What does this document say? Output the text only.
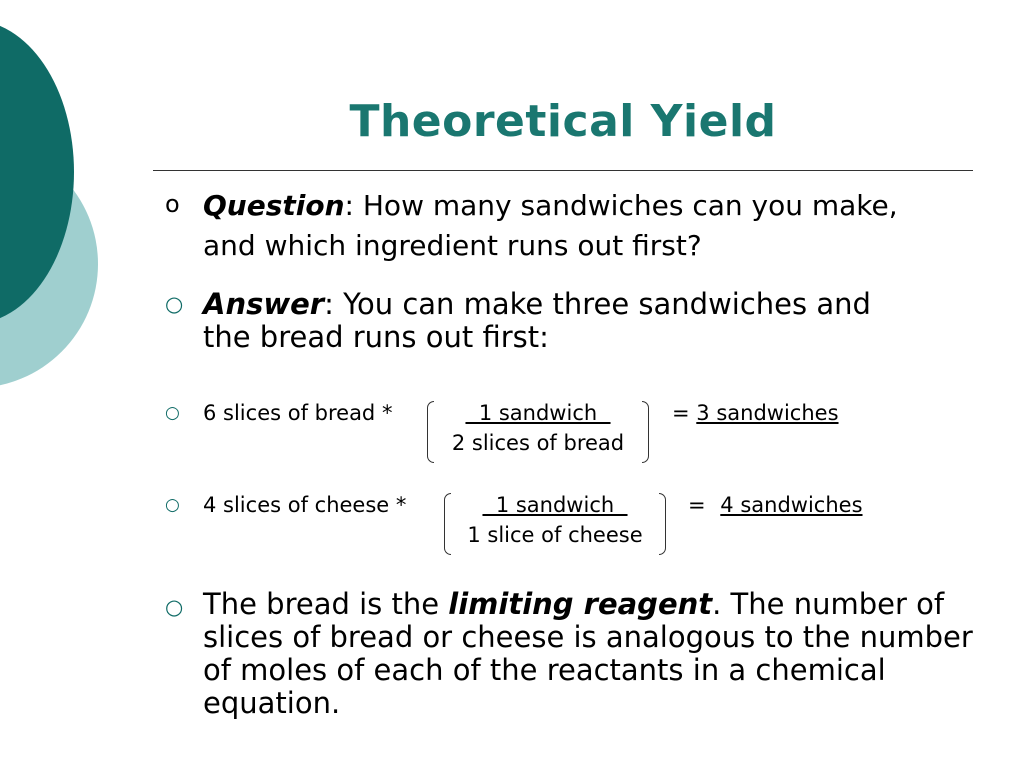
Theoretical Yield
o Question: How many sandwiches can you make,
and which ingredient runs out first?
○ Answer: You can make three sandwiches and the bread runs out first:
○ 6 slices of bread *	1 sandwich
2 slices of bread
= 3 sandwiches
○ 4 slices of cheese *	1 sandwich
1 slice of cheese
= 4 sandwiches
○ The bread is the limiting reagent. The number of slices of bread or cheese is analogous to the number of moles of each of the reactants in a chemical equation.
